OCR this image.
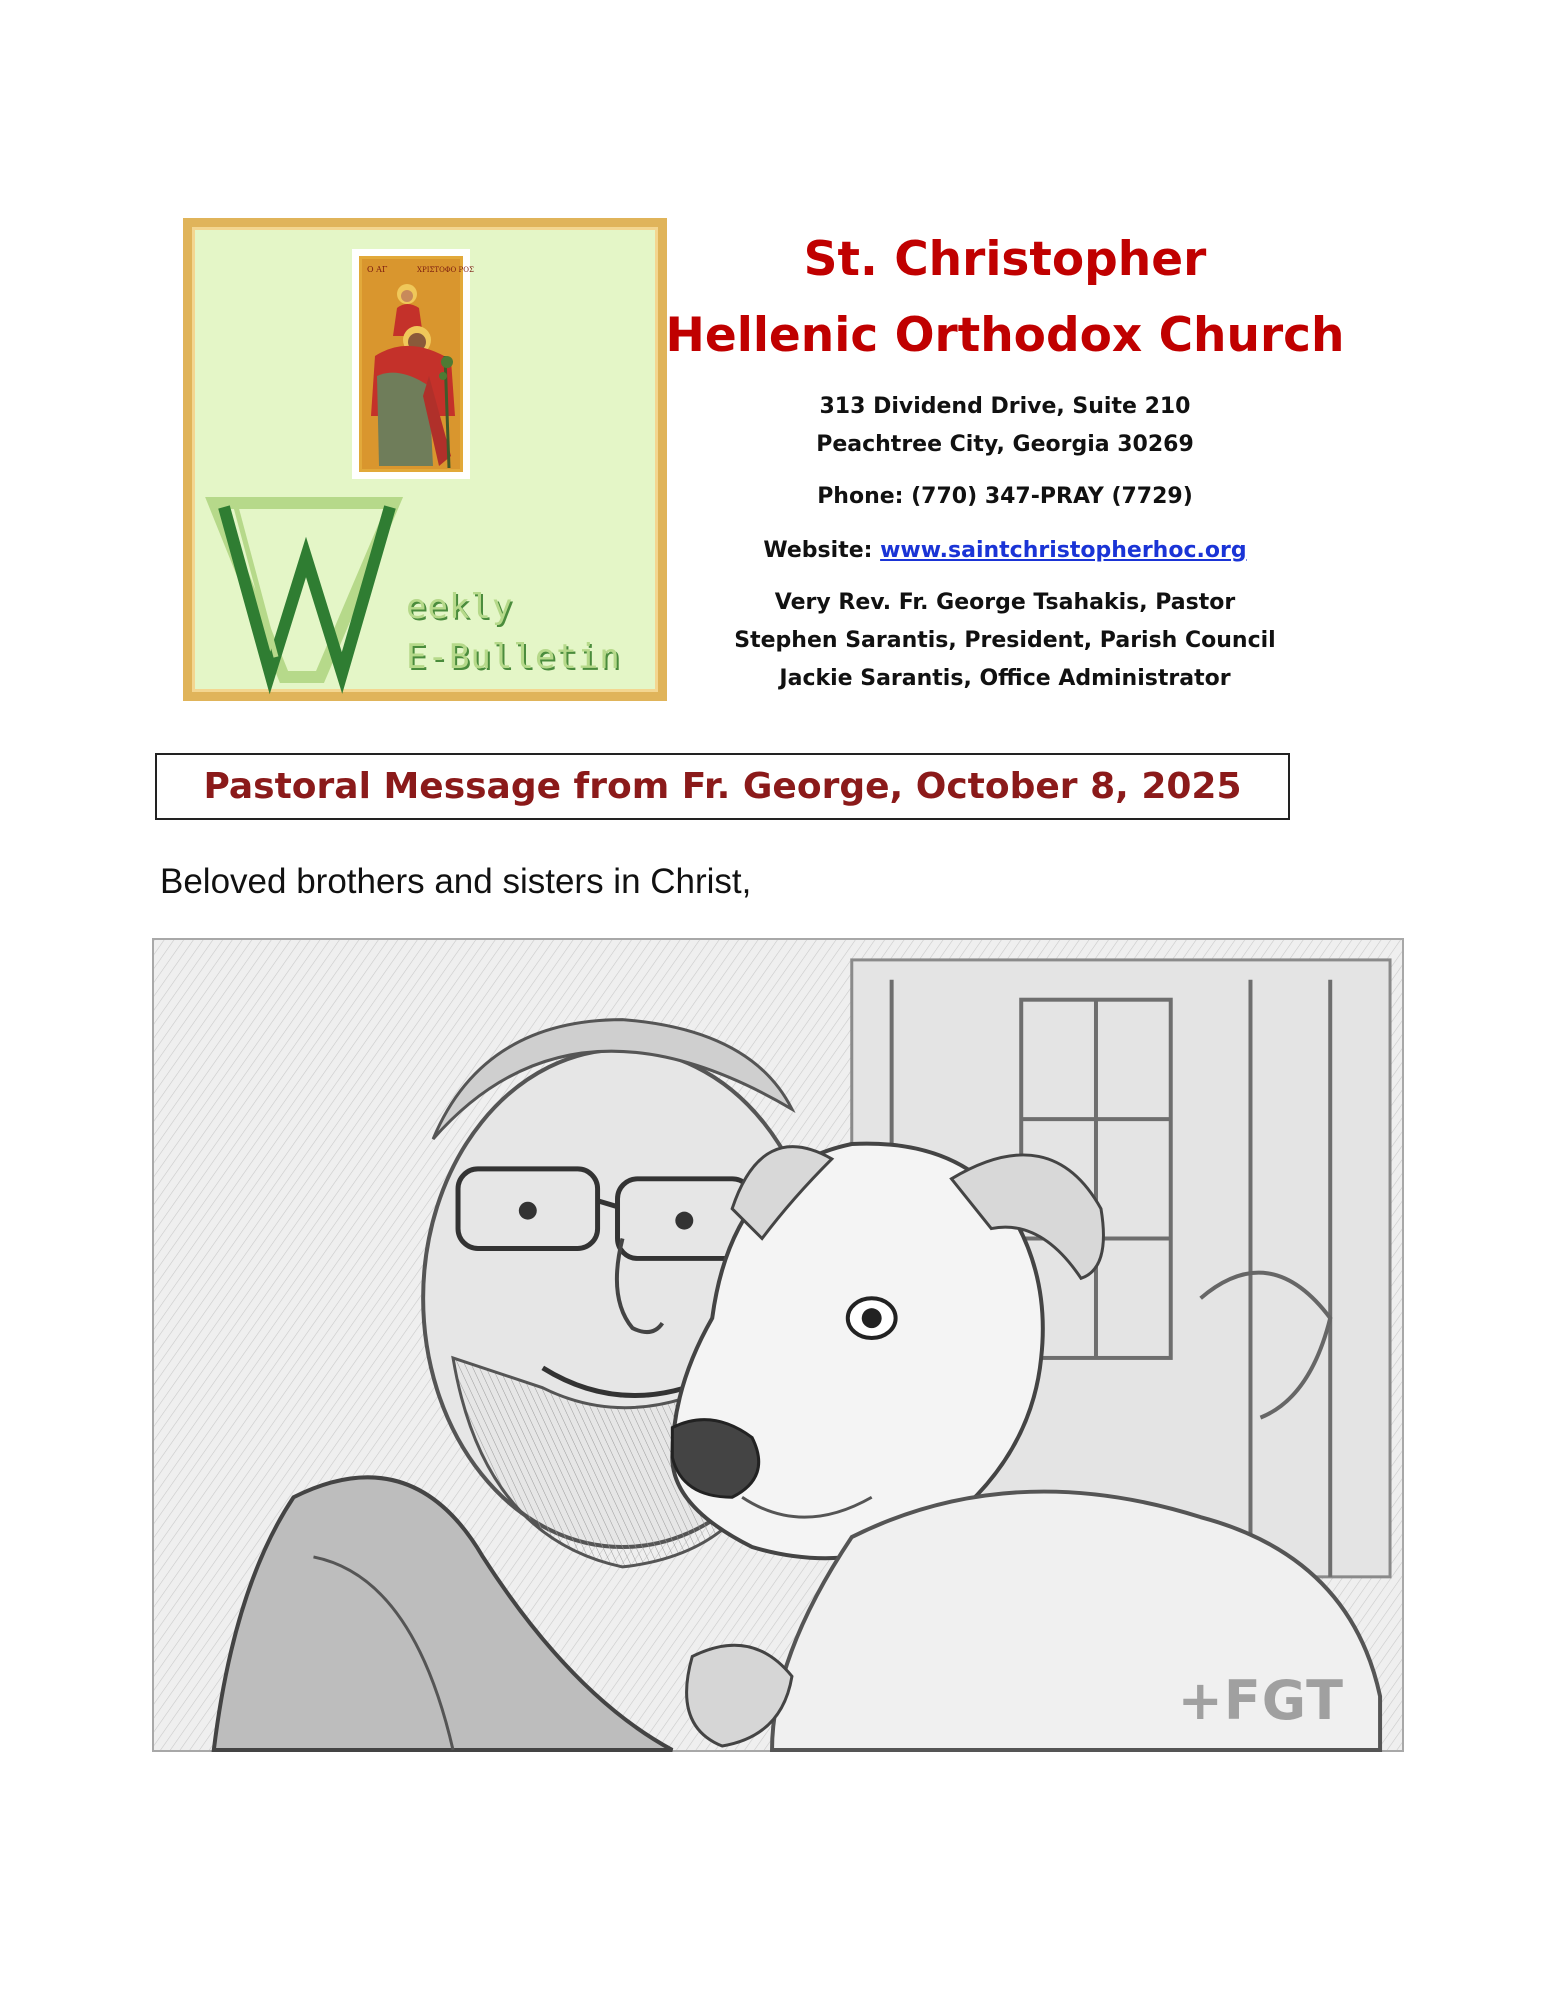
Ο ΑΓ	ΧΡΙΣΤΟΦΟ ΡΟΣ
eekly
E-Bulletin
St. Christopher
Hellenic Orthodox Church
313 Dividend Drive, Suite 210
Peachtree City, Georgia 30269
Phone: (770) 347-PRAY (7729)
Website: www.saintchristopherhoc.org
Very Rev. Fr. George Tsahakis, Pastor
Stephen Sarantis, President, Parish Council
Jackie Sarantis, Office Administrator
Pastoral Message from Fr. George, October 8, 2025
Beloved brothers and sisters in Christ,
+FGT
